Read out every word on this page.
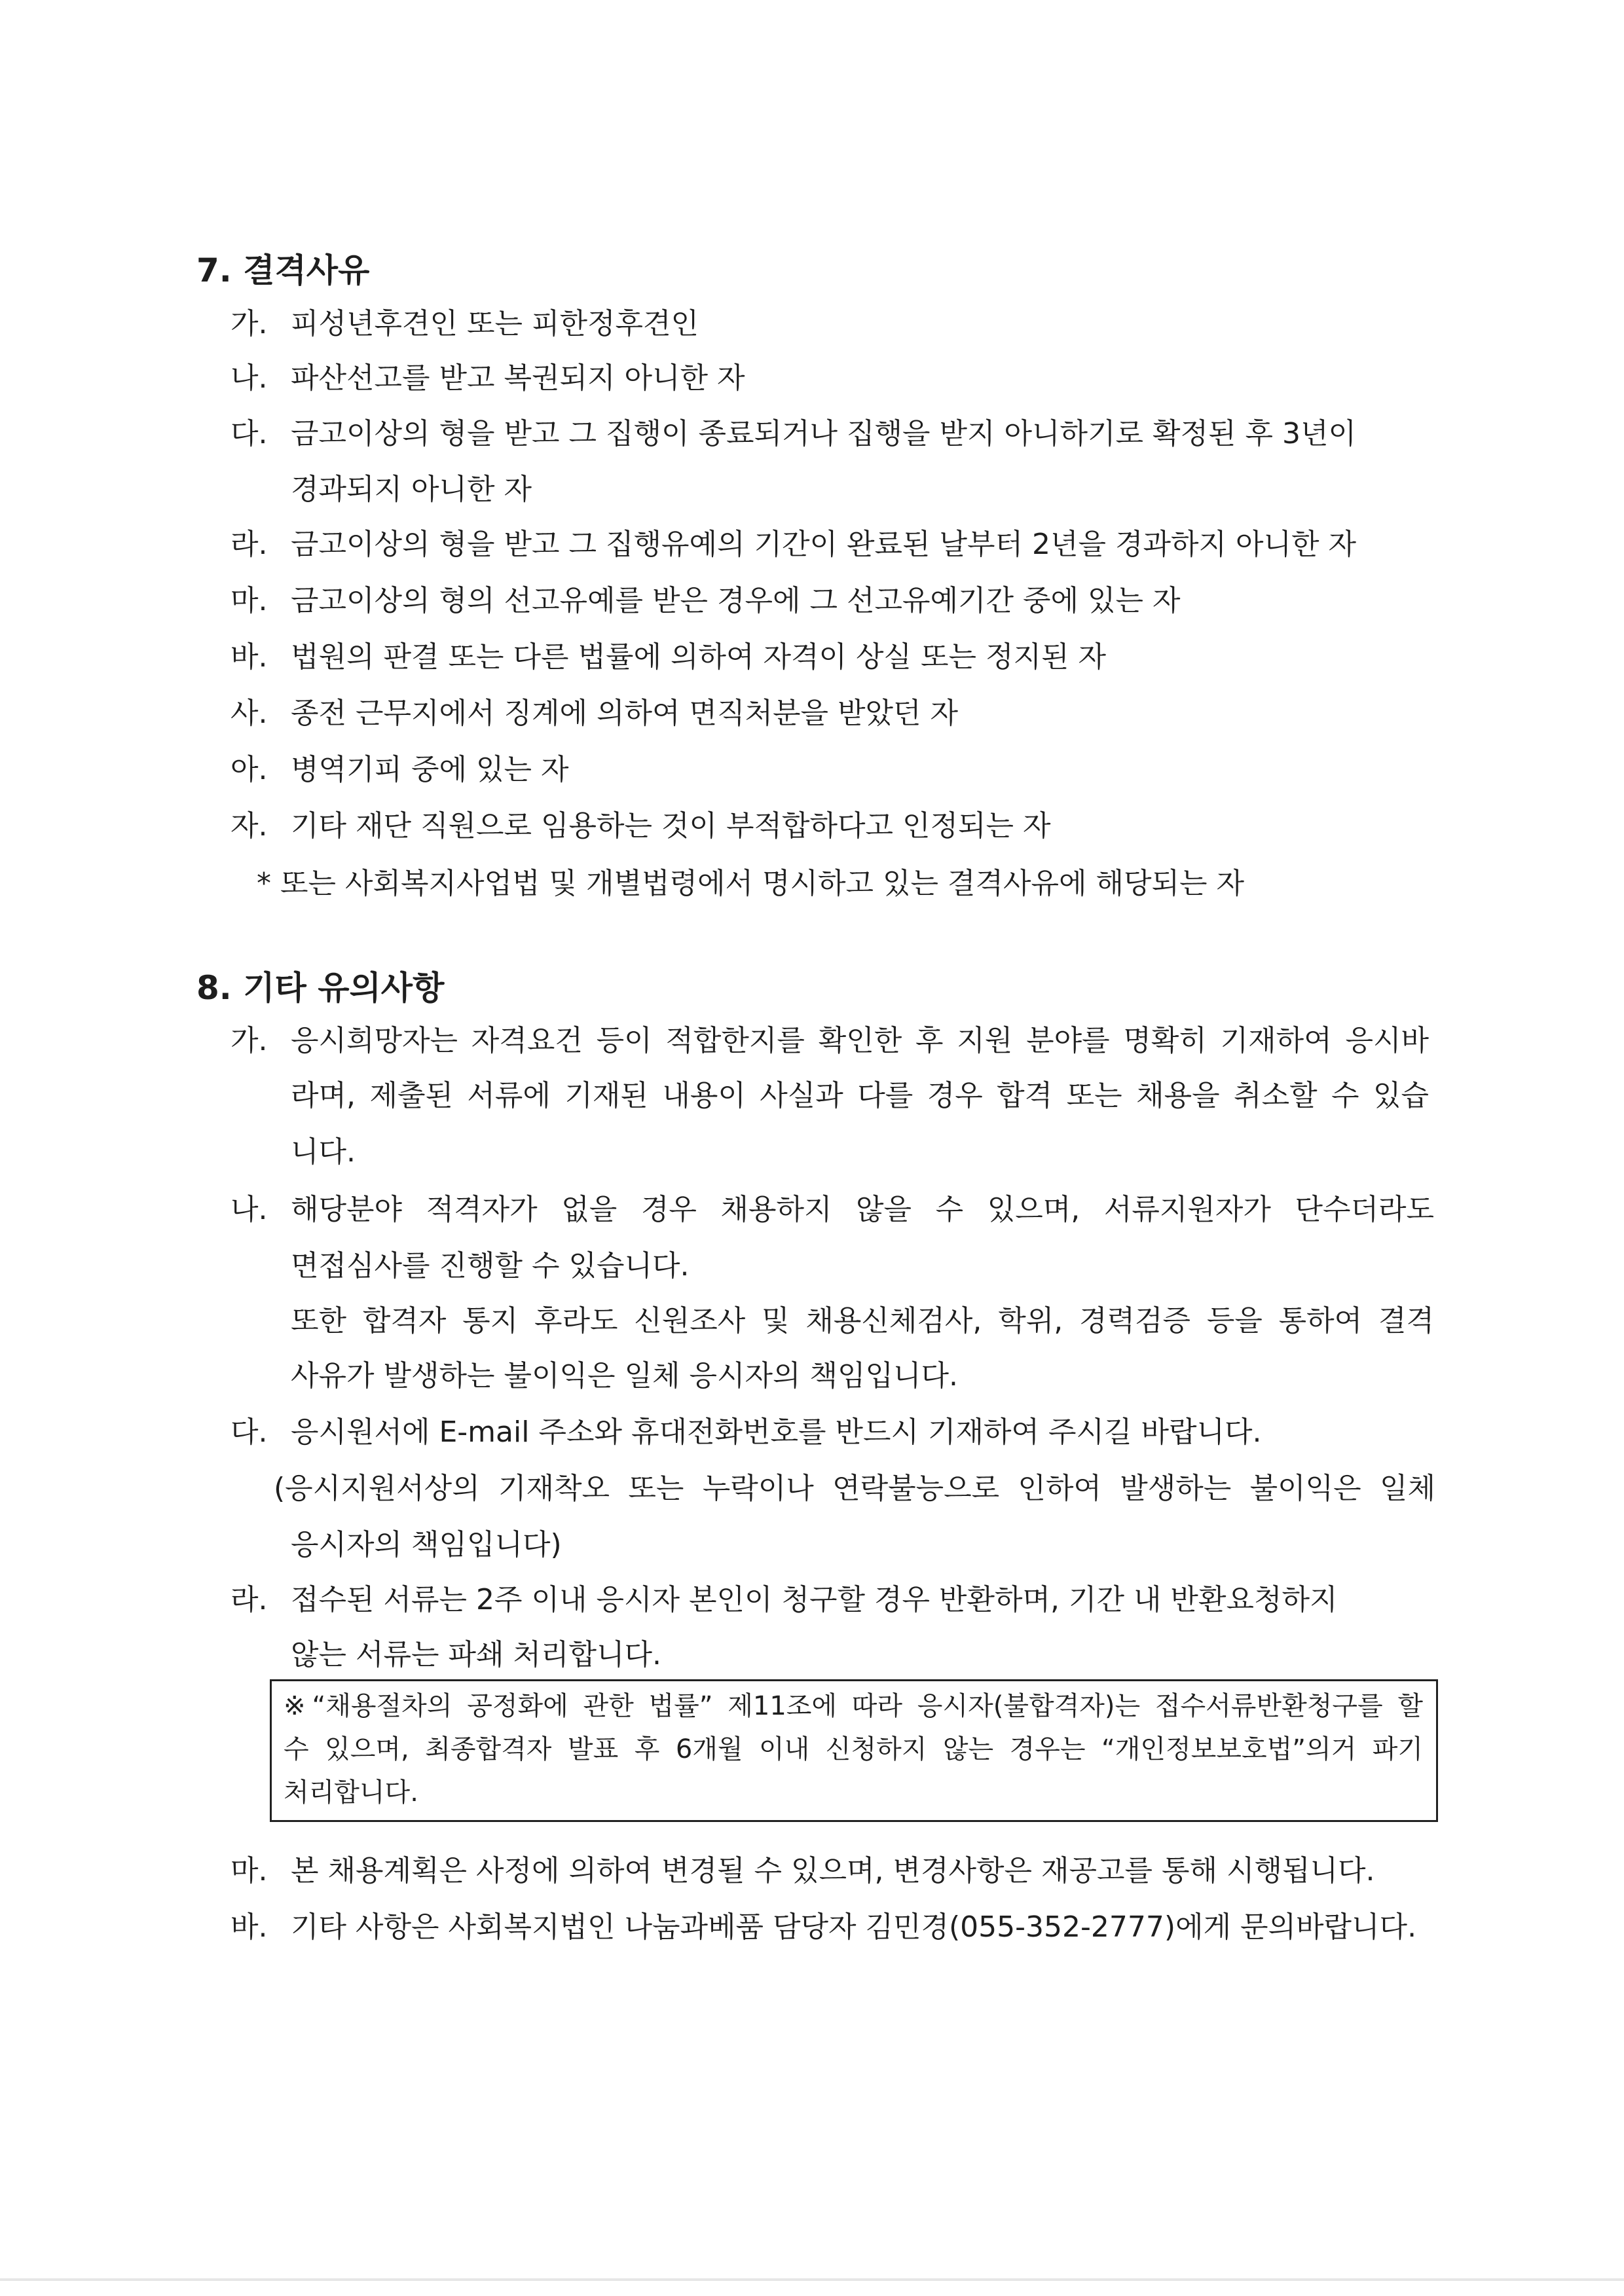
7. 결격사유
가. 피성년후견인 또는 피한정후견인
나. 파산선고를 받고 복권되지 아니한 자
다. 금고이상의 형을 받고 그 집행이 종료되거나 집행을 받지 아니하기로 확정된 후 3년이
경과되지 아니한 자
라. 금고이상의 형을 받고 그 집행유예의 기간이 완료된 날부터 2년을 경과하지 아니한 자
마. 금고이상의 형의 선고유예를 받은 경우에 그 선고유예기간 중에 있는 자
바. 법원의 판결 또는 다른 법률에 의하여 자격이 상실 또는 정지된 자
사. 종전 근무지에서 징계에 의하여 면직처분을 받았던 자
아. 병역기피 중에 있는 자
자. 기타 재단 직원으로 임용하는 것이 부적합하다고 인정되는 자
* 또는 사회복지사업법 및 개별법령에서 명시하고 있는 결격사유에 해당되는 자
8. 기타 유의사항
가. 응시희망자는 자격요건 등이 적합한지를 확인한 후 지원 분야를 명확히 기재하여 응시바
라며, 제출된 서류에 기재된 내용이 사실과 다를 경우 합격 또는 채용을 취소할 수 있습
니다.
나. 해당분야 적격자가 없을 경우 채용하지 않을 수 있으며, 서류지원자가 단수더라도
면접심사를 진행할 수 있습니다.
또한 합격자 통지 후라도 신원조사 및 채용신체검사, 학위, 경력검증 등을 통하여 결격
사유가 발생하는 불이익은 일체 응시자의 책임입니다.
다. 응시원서에 E-mail 주소와 휴대전화번호를 반드시 기재하여 주시길 바랍니다.
(응시지원서상의 기재착오 또는 누락이나 연락불능으로 인하여 발생하는 불이익은 일체
응시자의 책임입니다)
라. 접수된 서류는 2주 이내 응시자 본인이 청구할 경우 반환하며, 기간 내 반환요청하지
않는 서류는 파쇄 처리합니다.
※“채용절차의 공정화에 관한 법률” 제11조에 따라 응시자(불합격자)는 접수서류반환청구를 할
수 있으며, 최종합격자 발표 후 6개월 이내 신청하지 않는 경우는 “개인정보보호법”의거 파기
처리합니다.
마. 본 채용계획은 사정에 의하여 변경될 수 있으며, 변경사항은 재공고를 통해 시행됩니다.
바. 기타 사항은 사회복지법인 나눔과베품 담당자 김민경(055-352-2777)에게 문의바랍니다.
